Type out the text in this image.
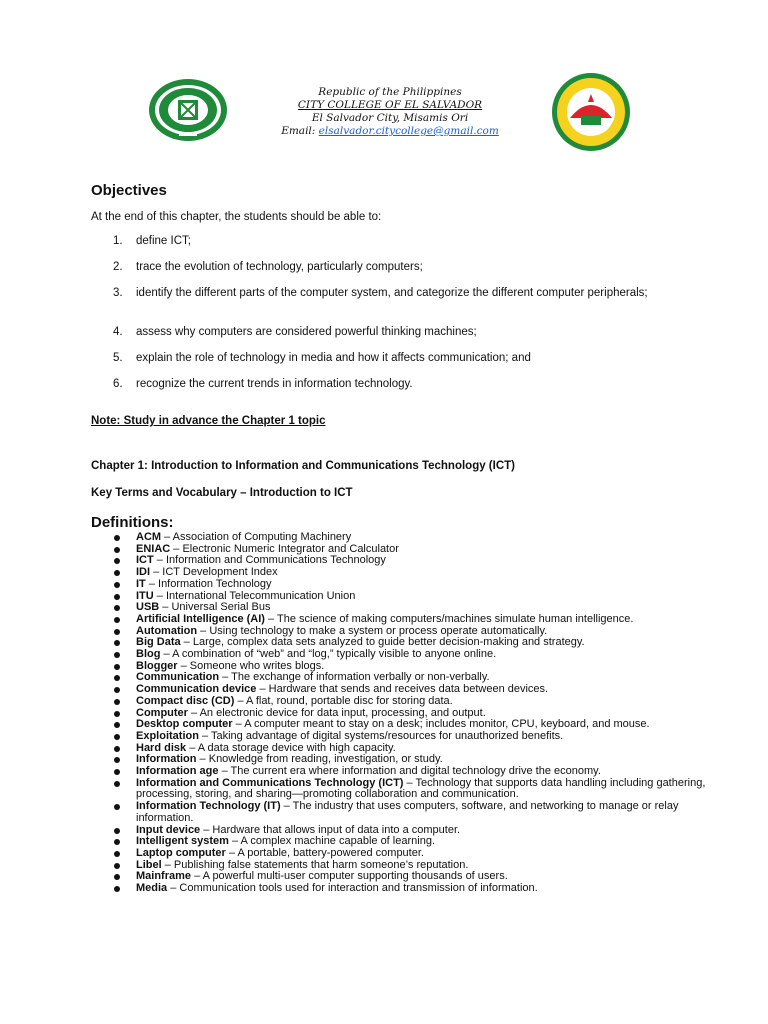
Republic of the Philippines
CITY COLLEGE OF EL SALVADOR
El Salvador City, Misamis Ori
Email: elsalvador.citycollege@gmail.com
Objectives
At the end of this chapter, the students should be able to:
1. define ICT;
2. trace the evolution of technology, particularly computers;
3. identify the different parts of the computer system, and categorize the different computer peripherals;
4. assess why computers are considered powerful thinking machines;
5. explain the role of technology in media and how it affects communication; and
6. recognize the current trends in information technology.
Note: Study in advance the Chapter 1 topic
Chapter 1: Introduction to Information and Communications Technology (ICT)
Key Terms and Vocabulary – Introduction to ICT
Definitions:
ACM – Association of Computing Machinery
ENIAC – Electronic Numeric Integrator and Calculator
ICT – Information and Communications Technology
IDI – ICT Development Index
IT – Information Technology
ITU – International Telecommunication Union
USB – Universal Serial Bus
Artificial Intelligence (AI) – The science of making computers/machines simulate human intelligence.
Automation – Using technology to make a system or process operate automatically.
Big Data – Large, complex data sets analyzed to guide better decision-making and strategy.
Blog – A combination of “web” and “log,” typically visible to anyone online.
Blogger – Someone who writes blogs.
Communication – The exchange of information verbally or non-verbally.
Communication device – Hardware that sends and receives data between devices.
Compact disc (CD) – A flat, round, portable disc for storing data.
Computer – An electronic device for data input, processing, and output.
Desktop computer – A computer meant to stay on a desk; includes monitor, CPU, keyboard, and mouse.
Exploitation – Taking advantage of digital systems/resources for unauthorized benefits.
Hard disk – A data storage device with high capacity.
Information – Knowledge from reading, investigation, or study.
Information age – The current era where information and digital technology drive the economy.
Information and Communications Technology (ICT) – Technology that supports data handling including gathering, processing, storing, and sharing—promoting collaboration and communication.
Information Technology (IT) – The industry that uses computers, software, and networking to manage or relay information.
Input device – Hardware that allows input of data into a computer.
Intelligent system – A complex machine capable of learning.
Laptop computer – A portable, battery-powered computer.
Libel – Publishing false statements that harm someone’s reputation.
Mainframe – A powerful multi-user computer supporting thousands of users.
Media – Communication tools used for interaction and transmission of information.
